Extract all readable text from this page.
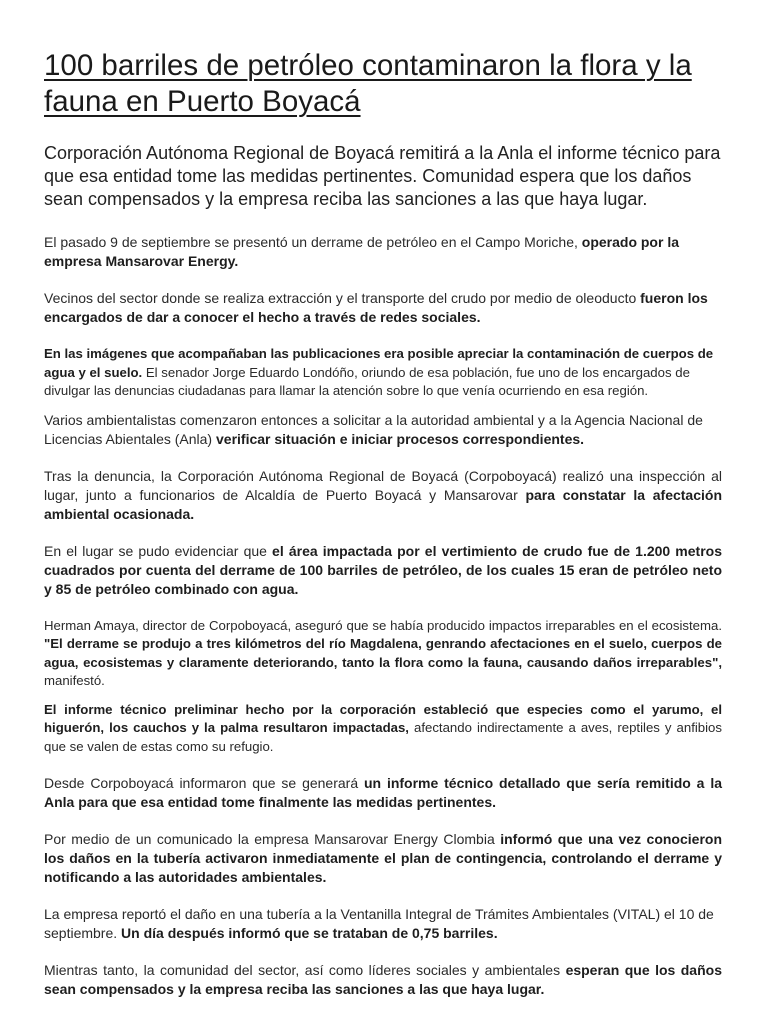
100 barriles de petróleo contaminaron la flora y la fauna en Puerto Boyacá

Corporación Autónoma Regional de Boyacá remitirá a la Anla el informe técnico para que esa entidad tome las medidas pertinentes. Comunidad espera que los daños sean compensados y la empresa reciba las sanciones a las que haya lugar.

El pasado 9 de septiembre se presentó un derrame de petróleo en el Campo Moriche, operado por la empresa Mansarovar Energy.

Vecinos del sector donde se realiza extracción y el transporte del crudo por medio de oleoducto fueron los encargados de dar a conocer el hecho a través de redes sociales.

En las imágenes que acompañaban las publicaciones era posible apreciar la contaminación de cuerpos de agua y el suelo. El senador Jorge Eduardo Londóño, oriundo de esa población, fue uno de los encargados de divulgar las denuncias ciudadanas para llamar la atención sobre lo que venía ocurriendo en esa región.

Varios ambientalistas comenzaron entonces a solicitar a la autoridad ambiental y a la Agencia Nacional de Licencias Abientales (Anla) verificar situación e iniciar procesos correspondientes.

Tras la denuncia, la Corporación Autónoma Regional de Boyacá (Corpoboyacá) realizó una inspección al lugar, junto a funcionarios de Alcaldía de Puerto Boyacá y Mansarovar para constatar la afectación ambiental ocasionada.

En el lugar se pudo evidenciar que el área impactada por el vertimiento de crudo fue de 1.200 metros cuadrados por cuenta del derrame de 100 barriles de petróleo, de los cuales 15 eran de petróleo neto y 85 de petróleo combinado con agua.

Herman Amaya, director de Corpoboyacá, aseguró que se había producido impactos irreparables en el ecosistema. "El derrame se produjo a tres kilómetros del río Magdalena, genrando afectaciones en el suelo, cuerpos de agua, ecosistemas y claramente deteriorando, tanto la flora como la fauna, causando daños irreparables", manifestó.

El informe técnico preliminar hecho por la corporación estableció que especies como el yarumo, el higuerón, los cauchos y la palma resultaron impactadas, afectando indirectamente a aves, reptiles y anfibios que se valen de estas como su refugio.

Desde Corpoboyacá informaron que se generará un informe técnico detallado que sería remitido a la Anla para que esa entidad tome finalmente las medidas pertinentes.

Por medio de un comunicado la empresa Mansarovar Energy Clombia informó que una vez conocieron los daños en la tubería activaron inmediatamente el plan de contingencia, controlando el derrame y notificando a las autoridades ambientales.

La empresa reportó el daño en una tubería a la Ventanilla Integral de Trámites Ambientales (VITAL) el 10 de septiembre. Un día después informó que se trataban de 0,75 barriles.

Mientras tanto, la comunidad del sector, así como líderes sociales y ambientales esperan que los daños sean compensados y la empresa reciba las sanciones a las que haya lugar.
